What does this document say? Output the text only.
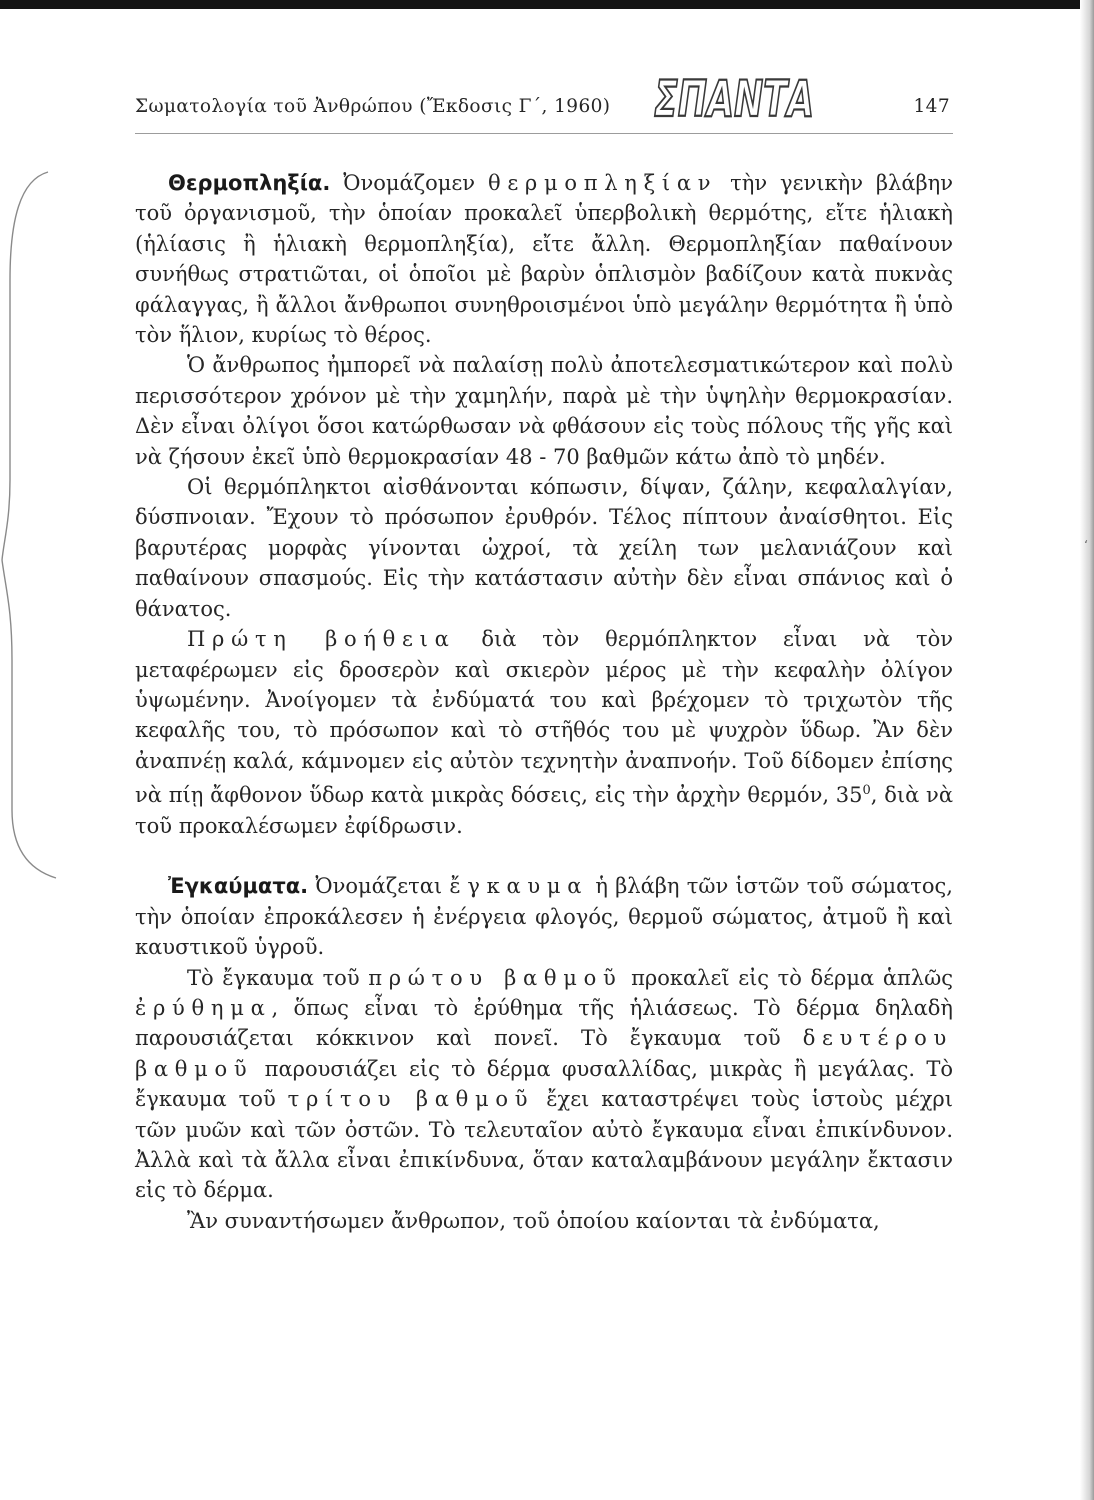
Σωματολογία τοῦ Ἀνθρώπου (Ἔκδοσις Γ΄, 1960)	147
ΣΠΑΝΤΑ

Θερμοπληξία. Ὀνομάζομεν θερμοπληξίαν τὴν γενικὴν βλάβην τοῦ ὀργανισμοῦ, τὴν ὁποίαν προκαλεῖ ὑπερβολικὴ θερμότης, εἴτε ἡλιακὴ (ἡλίασις ἢ ἡλιακὴ θερμοπληξία), εἴτε ἄλλη. Θερμοπληξίαν παθαίνουν συνήθως στρατιῶται, οἱ ὁποῖοι μὲ βαρὺν ὁπλισμὸν βαδίζουν κατὰ πυκνὰς φάλαγγας, ἢ ἄλλοι ἄνθρωποι συνηθροισμένοι ὑπὸ μεγάλην θερμότητα ἢ ὑπὸ τὸν ἥλιον, κυρίως τὸ θέρος.

Ὁ ἄνθρωπος ἠμπορεῖ νὰ παλαίσῃ πολὺ ἀποτελεσματικώτερον καὶ πολὺ περισσότερον χρόνον μὲ τὴν χαμηλήν, παρὰ μὲ τὴν ὑψηλὴν θερμοκρασίαν. Δὲν εἶναι ὀλίγοι ὅσοι κατώρθωσαν νὰ φθάσουν εἰς τοὺς πόλους τῆς γῆς καὶ νὰ ζήσουν ἐκεῖ ὑπὸ θερμοκρασίαν 48 - 70 βαθμῶν κάτω ἀπὸ τὸ μηδέν.

Οἱ θερμόπληκτοι αἰσθάνονται κόπωσιν, δίψαν, ζάλην, κεφαλαλγίαν, δύσπνοιαν. Ἔχουν τὸ πρόσωπον ἐρυθρόν. Τέλος πίπτουν ἀναίσθητοι. Εἰς βαρυτέρας μορφὰς γίνονται ὠχροί, τὰ χείλη των μελανιάζουν καὶ παθαίνουν σπασμούς. Εἰς τὴν κατάστασιν αὐτὴν δὲν εἶναι σπάνιος καὶ ὁ θάνατος.

Πρώτη βοήθεια διὰ τὸν θερμόπληκτον εἶναι νὰ τὸν μεταφέρωμεν εἰς δροσερὸν καὶ σκιερὸν μέρος μὲ τὴν κεφαλὴν ὀλίγον ὑψωμένην. Ἀνοίγομεν τὰ ἐνδύματά του καὶ βρέχομεν τὸ τριχωτὸν τῆς κεφαλῆς του, τὸ πρόσωπον καὶ τὸ στῆθός του μὲ ψυχρὸν ὕδωρ. Ἂν δὲν ἀναπνέῃ καλά, κάμνομεν εἰς αὐτὸν τεχνητὴν ἀναπνοήν. Τοῦ δίδομεν ἐπίσης νὰ πίῃ ἄφθονον ὕδωρ κατὰ μικρὰς δόσεις, εἰς τὴν ἀρχὴν θερμόν, $35^0$, διὰ νὰ τοῦ προκαλέσωμεν ἐφίδρωσιν.

Ἐγκαύματα. Ὀνομάζεται ἔγκαυμα ἡ βλάβη τῶν ἱστῶν τοῦ σώματος, τὴν ὁποίαν ἐπροκάλεσεν ἡ ἐνέργεια φλογός, θερμοῦ σώματος, ἀτμοῦ ἢ καὶ καυστικοῦ ὑγροῦ.

Τὸ ἔγκαυμα τοῦ πρώτου βαθμοῦ προκαλεῖ εἰς τὸ δέρμα ἁπλῶς ἐρύθημα, ὅπως εἶναι τὸ ἐρύθημα τῆς ἡλιάσεως. Τὸ δέρμα δηλαδὴ παρουσιάζεται κόκκινον καὶ πονεῖ. Τὸ ἔγκαυμα τοῦ δευτέρου βαθμοῦ παρουσιάζει εἰς τὸ δέρμα φυσαλλίδας, μικρὰς ἢ μεγάλας. Τὸ ἔγκαυμα τοῦ τρίτου βαθμοῦ ἔχει καταστρέψει τοὺς ἱστοὺς μέχρι τῶν μυῶν καὶ τῶν ὀστῶν. Τὸ τελευταῖον αὐτὸ ἔγκαυμα εἶναι ἐπικίνδυνον. Ἀλλὰ καὶ τὰ ἄλλα εἶναι ἐπικίνδυνα, ὅταν καταλαμβάνουν μεγάλην ἔκτασιν εἰς τὸ δέρμα.

Ἂν συναντήσωμεν ἄνθρωπον, τοῦ ὁποίου καίονται τὰ ἐνδύματα,

ʻ
